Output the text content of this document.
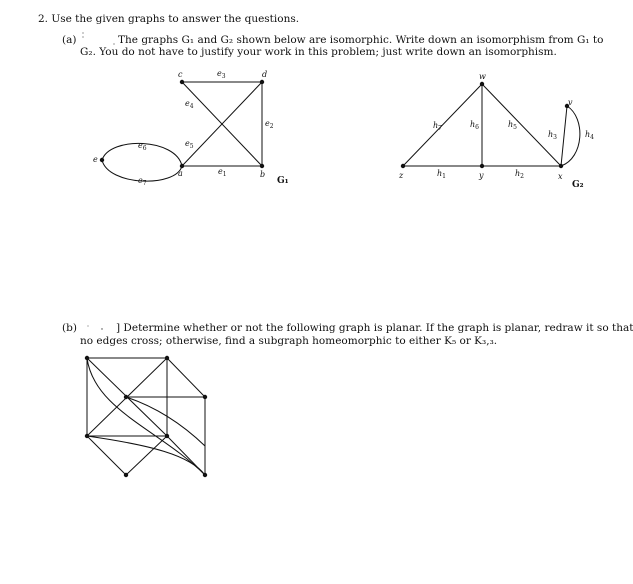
2. Use the given graphs to answer the questions.
(a)	The graphs G₁ and G₂ shown below are isomorphic. Write down an isomorphism from G₁ to
G₂. You do not have to justify your work in this problem; just write down an isomorphism.
(b)	] Determine whether or not the following graph is planar. If the graph is planar, redraw it so that
no edges cross; otherwise, find a subgraph homeomorphic to either K₅ or K₃,₃.
c	d
a	b
e
$e_3$
$e_4$
$e_2$
$e_5$
$e_6$
$e_7$
$e_1$
G₁
w
v
z	y	x
$h_7$	$h_6$	$h_5$
$h_3$	$h_4$
$h_1$	$h_2$
G₂
